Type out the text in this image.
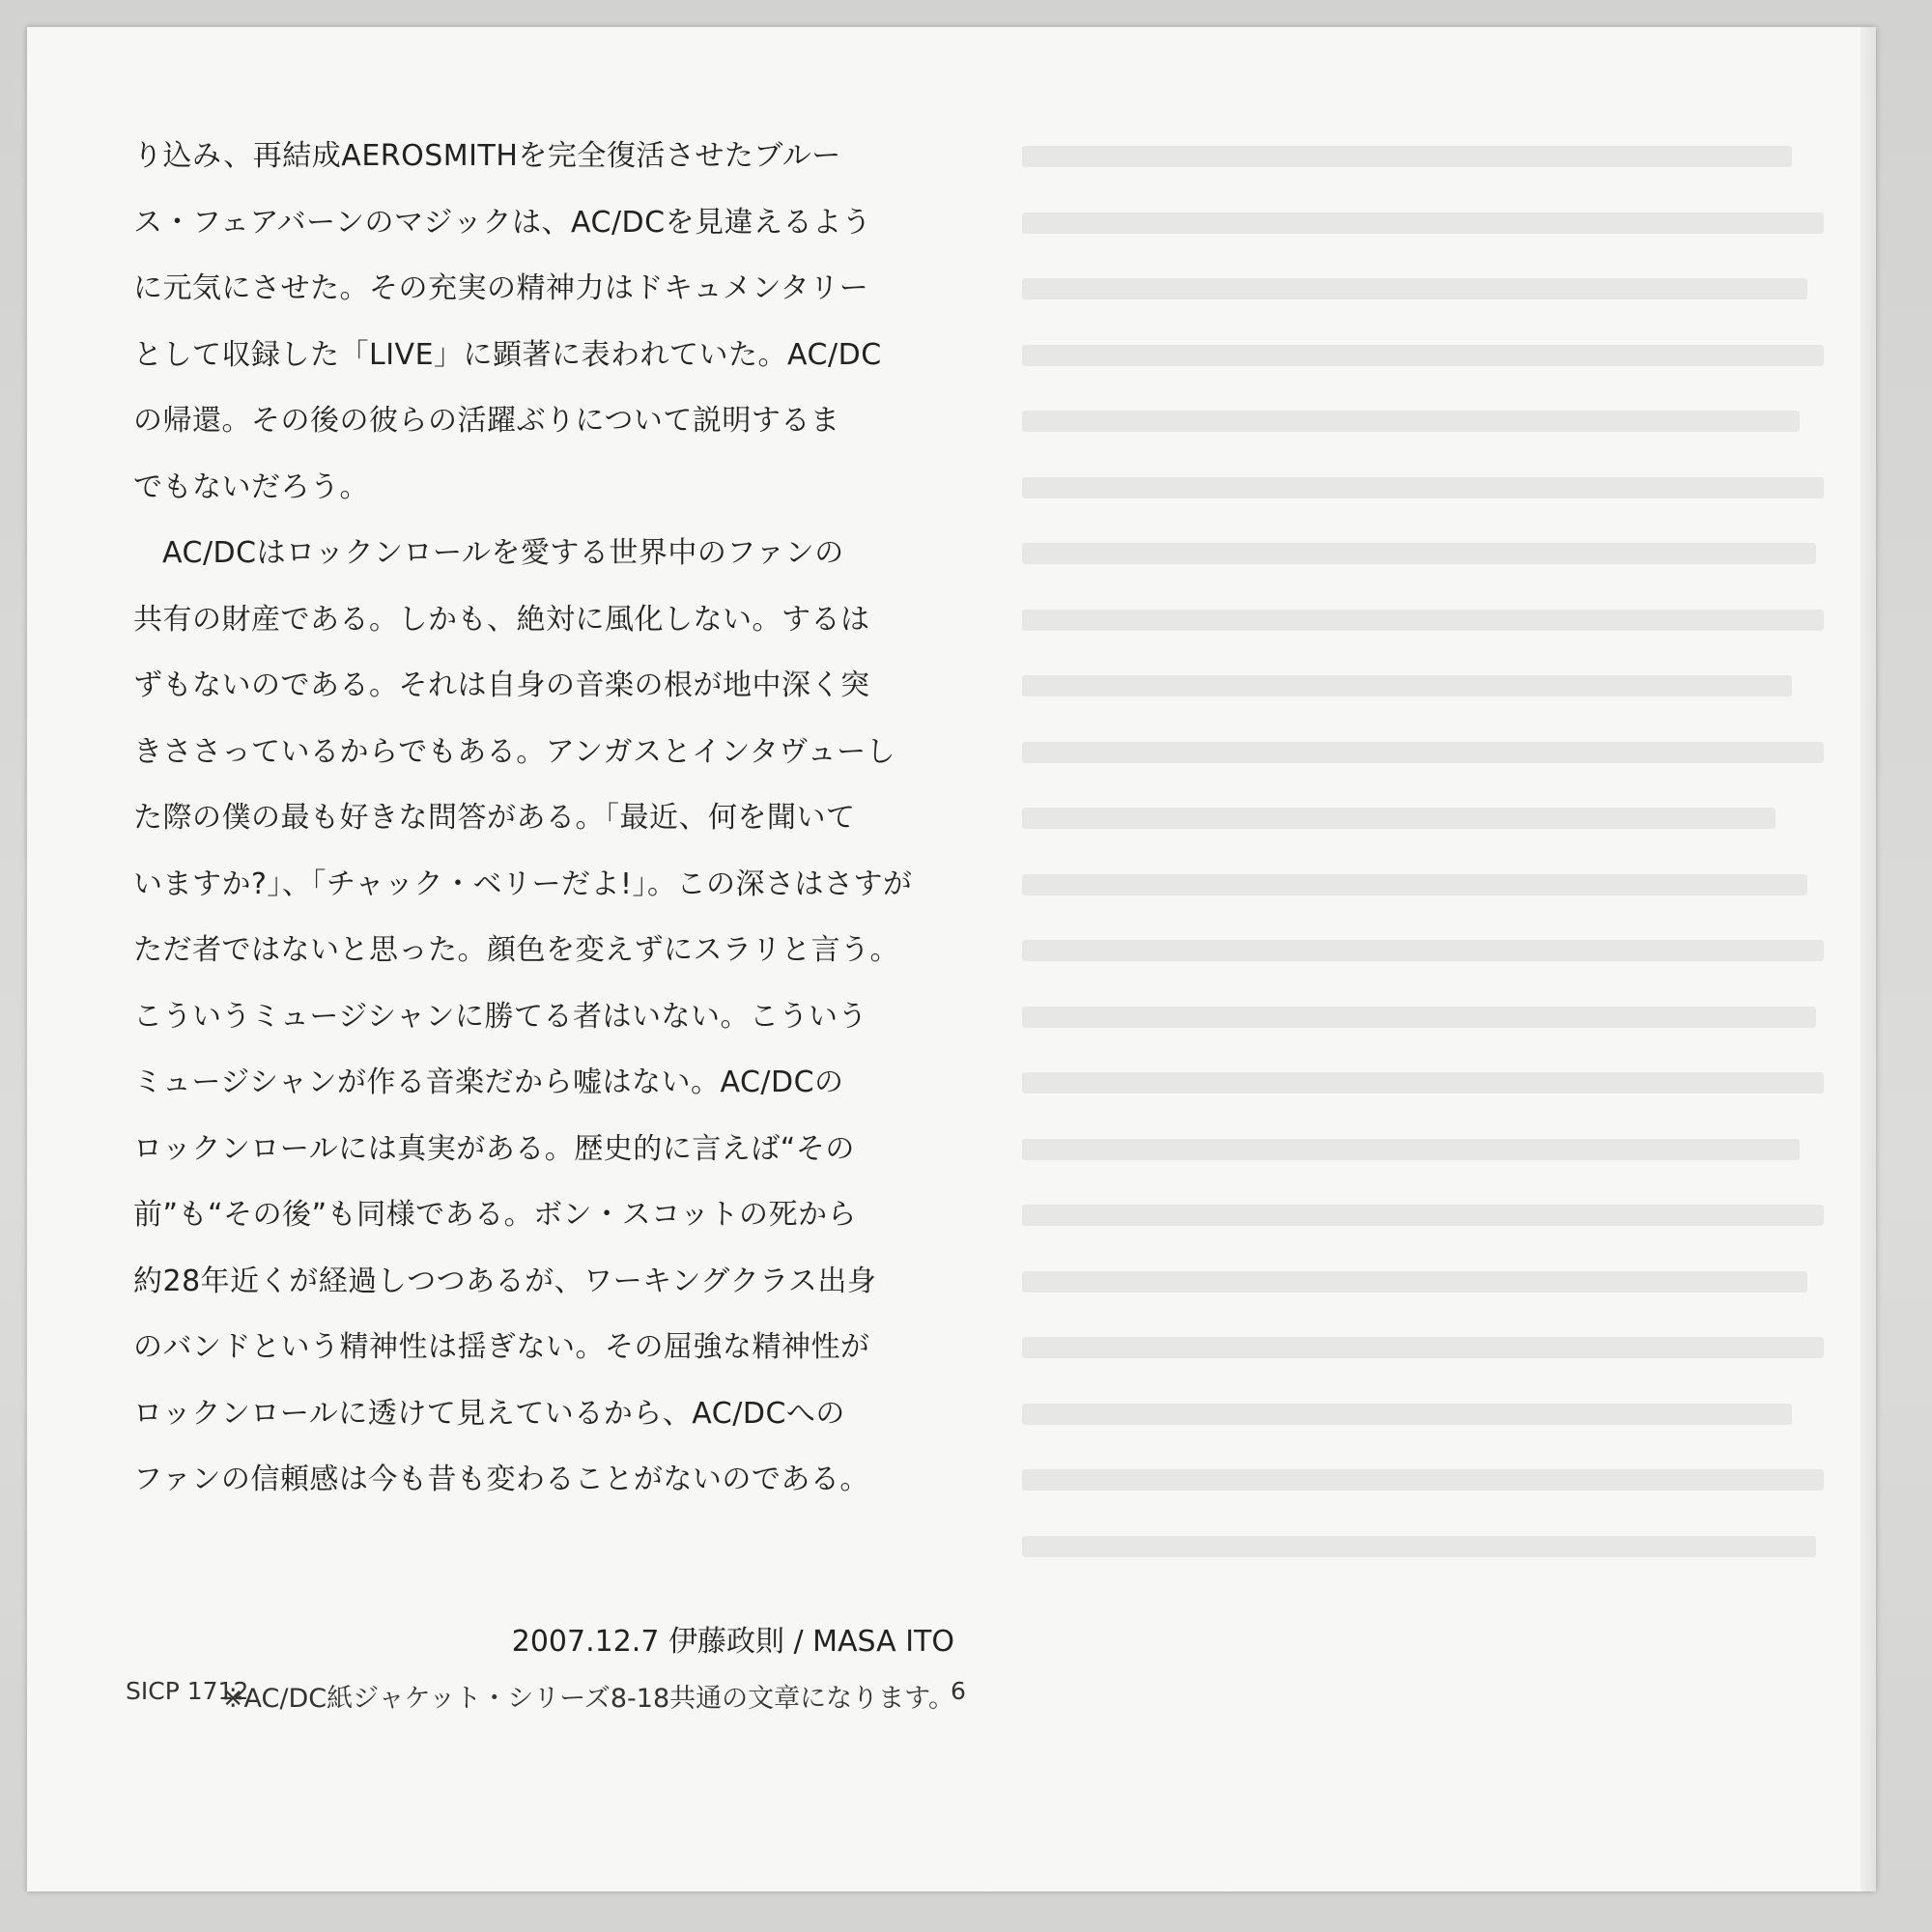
り込み、再結成AEROSMITHを完全復活させたブルー
ス・フェアバーンのマジックは、AC/DCを見違えるよう
に元気にさせた。その充実の精神力はドキュメンタリー
として収録した「LIVE」に顕著に表われていた。AC/DC
の帰還。その後の彼らの活躍ぶりについて説明するま
でもないだろう。
AC/DCはロックンロールを愛する世界中のファンの
共有の財産である。しかも、絶対に風化しない。するは
ずもないのである。それは自身の音楽の根が地中深く突
きささっているからでもある。アンガスとインタヴューし
た際の僕の最も好きな問答がある。「最近、何を聞いて
いますか?」、「チャック・ベリーだよ!」。この深さはさすが
ただ者ではないと思った。顔色を変えずにスラリと言う。
こういうミュージシャンに勝てる者はいない。こういう
ミュージシャンが作る音楽だから嘘はない。AC/DCの
ロックンロールには真実がある。歴史的に言えば“その
前”も“その後”も同様である。ボン・スコットの死から
約28年近くが経過しつつあるが、ワーキングクラス出身
のバンドという精神性は揺ぎない。その屈強な精神性が
ロックンロールに透けて見えているから、AC/DCへの
ファンの信頼感は今も昔も変わることがないのである。
2007.12.7 伊藤政則 / MASA ITO
※AC/DC紙ジャケット・シリーズ8-18共通の文章になります。
SICP 1712	6
